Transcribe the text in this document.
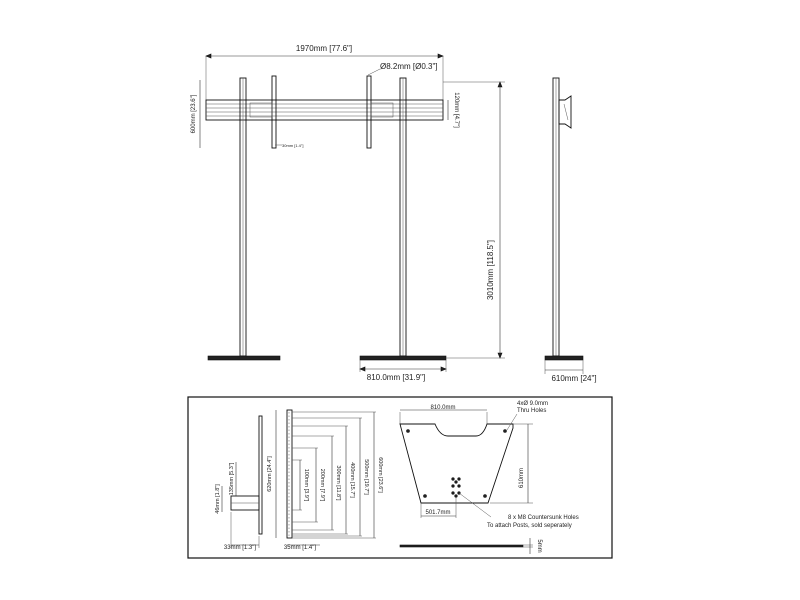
1970mm [77.6"]
Ø8.2mm [Ø0.3"]
120mm [4.7"]
600mm [23.6"]
30mm [1.4"]
810.0mm [31.9"]
3010mm [118.5"]
610mm [24"]
100mm [3.9"] 200mm [7.9"] 300mm [11.8"] 400mm [15.7"] 500mm [19.7"] 600mm [23.6"]
620mm [24.4"]
135mm [5.3"]
46mm [1.8"]
33mm [1.3"]	35mm [1.4"]
810.0mm
4xØ 9.0mm
Thru Holes
610mm
501.7mm
8 x M8 Countersunk Holes
To attach Posts, sold seperately
5mm
